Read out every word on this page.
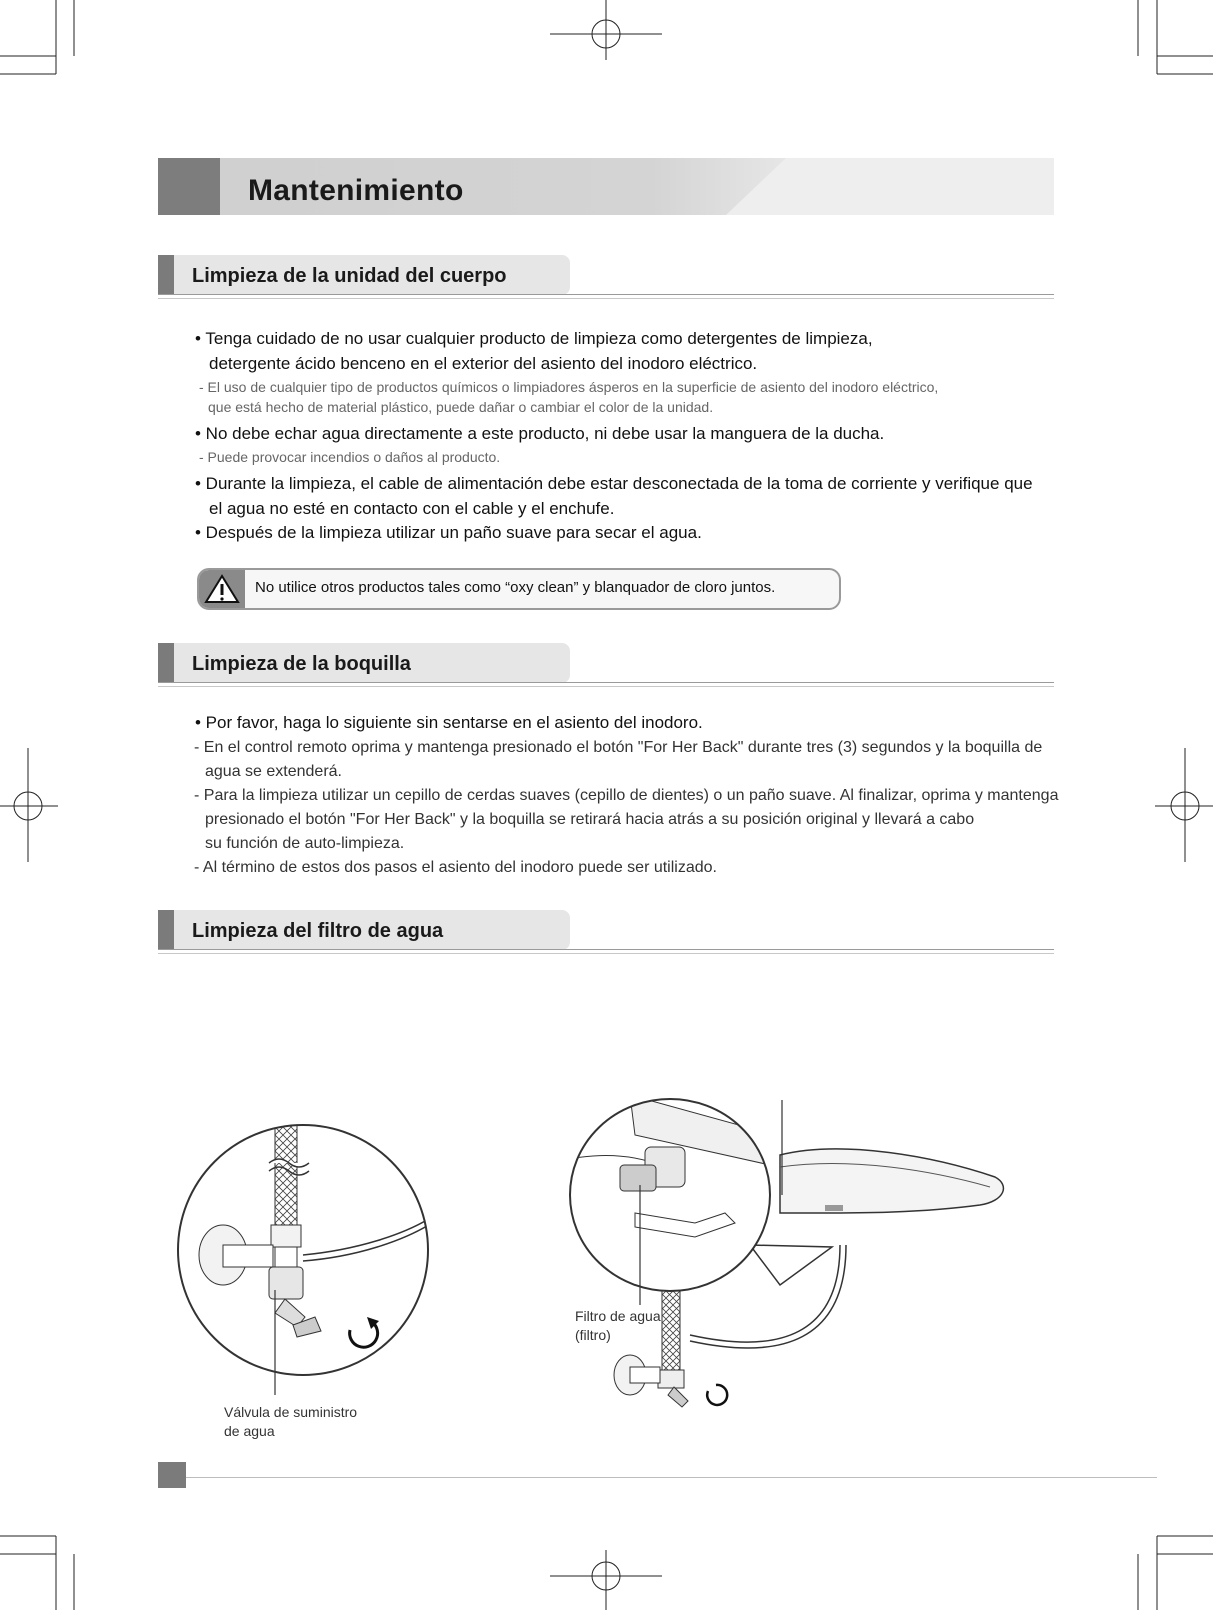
Mantenimiento
Limpieza de la unidad del cuerpo
• Tenga cuidado de no usar cualquier producto de limpieza como detergentes de limpieza,
detergente ácido benceno en el exterior del asiento del inodoro eléctrico.
- El uso de cualquier tipo de productos químicos o limpiadores ásperos en la superficie de asiento del inodoro eléctrico,
que está hecho de material plástico, puede dañar o cambiar el color de la unidad.
• No debe echar agua directamente a este producto, ni debe usar la manguera de la ducha.
- Puede provocar incendios o daños al producto.
• Durante la limpieza, el cable de alimentación debe estar desconectada de la toma de corriente y verifique que
el agua no esté en contacto con el cable y el enchufe.
• Después de la limpieza utilizar un paño suave para secar el agua.
No utilice otros productos tales como “oxy clean” y blanquador de cloro juntos.
Limpieza de la boquilla
• Por favor, haga lo siguiente sin sentarse en el asiento del inodoro.
- En el control remoto oprima y mantenga presionado el botón "For Her Back" durante tres (3) segundos y la boquilla de
agua se extenderá.
- Para la limpieza utilizar un cepillo de cerdas suaves (cepillo de dientes) o un paño suave. Al finalizar, oprima y mantenga
presionado el botón "For Her Back" y la boquilla se retirará hacia atrás a su posición original y llevará a cabo
su función de auto-limpieza.
- Al término de estos dos pasos el asiento del inodoro puede ser utilizado.
Limpieza del filtro de agua
Válvula de suministro
de agua
Filtro de agua
(filtro)
